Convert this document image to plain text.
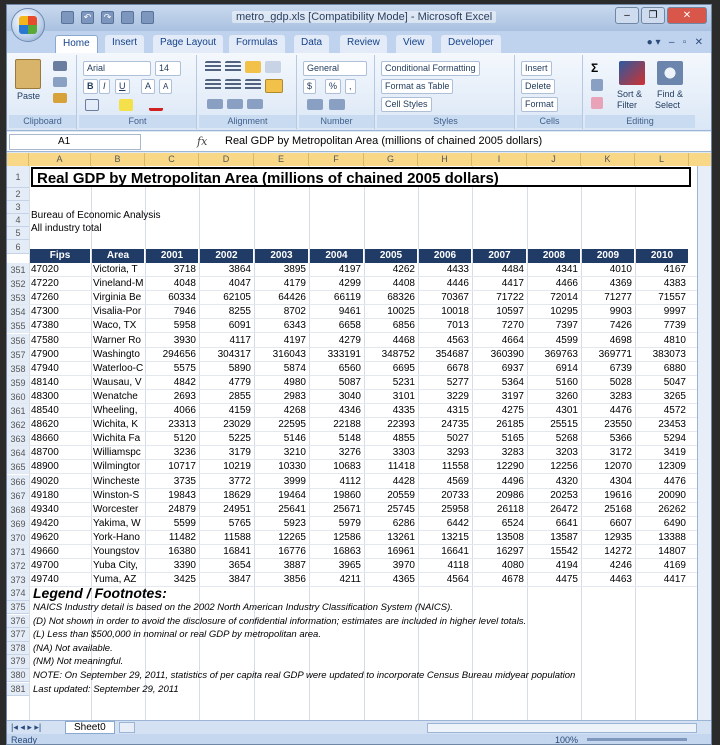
↶	↷	metro_gdp.xls [Compatibility Mode] - Microsoft Excel	–	❐	✕
Home	Insert	Page Layout	Formulas	Data	Review	View	Developer	● ▾   –   ▫   ✕
Paste
Clipboard
Arial	14
B	I	U	A	A
Font	Alignment
General
$	%	,
Number
Conditional Formatting
Format as Table
Cell Styles
Styles
Insert
Delete
Format
Cells
Σ
Sort &
Filter
Find &
Select
Editing
A1	fx Real GDP by Metropolitan Area (millions of chained 2005 dollars)
A	B	C	D	E	F	G	H	I	J	K	L
1
2
3
4
5
6
Real GDP by Metropolitan Area (millions of chained 2005 dollars)
Bureau of Economic Analysis
All industry total
Fips	Area	2001	2002	2003	2004	2005	2006	2007	2008	2009	2010
351 47020	Victoria, T	3718	3864	3895	4197	4262	4433	4484	4341	4010	4167
352 47220	Vineland-M	4048	4047	4179	4299	4408	4446	4417	4466	4369	4383
353 47260	Virginia Be	60334	62105	64426	66119	68326	70367	71722	72014	71277	71557
354 47300	Visalia-Por	7946	8255	8702	9461	10025	10018	10597	10295	9903	9997
355 47380	Waco, TX	5958	6091	6343	6658	6856	7013	7270	7397	7426	7739
356 47580	Warner Ro	3930	4117	4197	4279	4468	4563	4664	4599	4698	4810
357 47900	Washingto	294656	304317	316043	333191	348752	354687	360390	369763	369771	383073
358 47940	Waterloo-C	5575	5890	5874	6560	6695	6678	6937	6914	6739	6880
359 48140	Wausau, V	4842	4779	4980	5087	5231	5277	5364	5160	5028	5047
360 48300	Wenatche	2693	2855	2983	3040	3101	3229	3197	3260	3283	3265
361 48540	Wheeling,	4066	4159	4268	4346	4335	4315	4275	4301	4476	4572
362 48620	Wichita, K	23313	23029	22595	22188	22393	24735	26185	25515	23550	23453
363 48660	Wichita Fa	5120	5225	5146	5148	4855	5027	5165	5268	5366	5294
364 48700	Williamspc	3236	3179	3210	3276	3303	3293	3283	3203	3172	3419
365 48900	Wilmingtor	10717	10219	10330	10683	11418	11558	12290	12256	12070	12309
366 49020	Wincheste	3735	3772	3999	4112	4428	4569	4496	4320	4304	4476
367 49180	Winston-S	19843	18629	19464	19860	20559	20733	20986	20253	19616	20090
368 49340	Worcester	24879	24951	25641	25671	25745	25958	26118	26472	25168	26262
369 49420	Yakima, W	5599	5765	5923	5979	6286	6442	6524	6641	6607	6490
370 49620	York-Hano	11482	11588	12265	12586	13261	13215	13508	13587	12935	13388
371 49660	Youngstov	16380	16841	16776	16863	16961	16641	16297	15542	14272	14807
372 49700	Yuba City,	3390	3654	3887	3965	3970	4118	4080	4194	4246	4169
373 49740	Yuma, AZ	3425	3847	3856	4211	4365	4564	4678	4475	4463	4417
374
375 NAICS Industry detail is based on the 2002 North American Industry Classification System (NAICS).
376 (D) Not shown in order to avoid the disclosure of confidential information; estimates are included in higher level totals.
377 (L) Less than $500,000 in nominal or real GDP by metropolitan area.
378 (NA) Not available.
379 (NM) Not meaningful.
380 NOTE: On September 29, 2011, statistics of per capita real GDP were updated to incorporate Census Bureau midyear population
381 Last updated: September 29, 2011
Legend / Footnotes:
|◂ ◂ ▸ ▸|	Sheet0
Ready	100%
